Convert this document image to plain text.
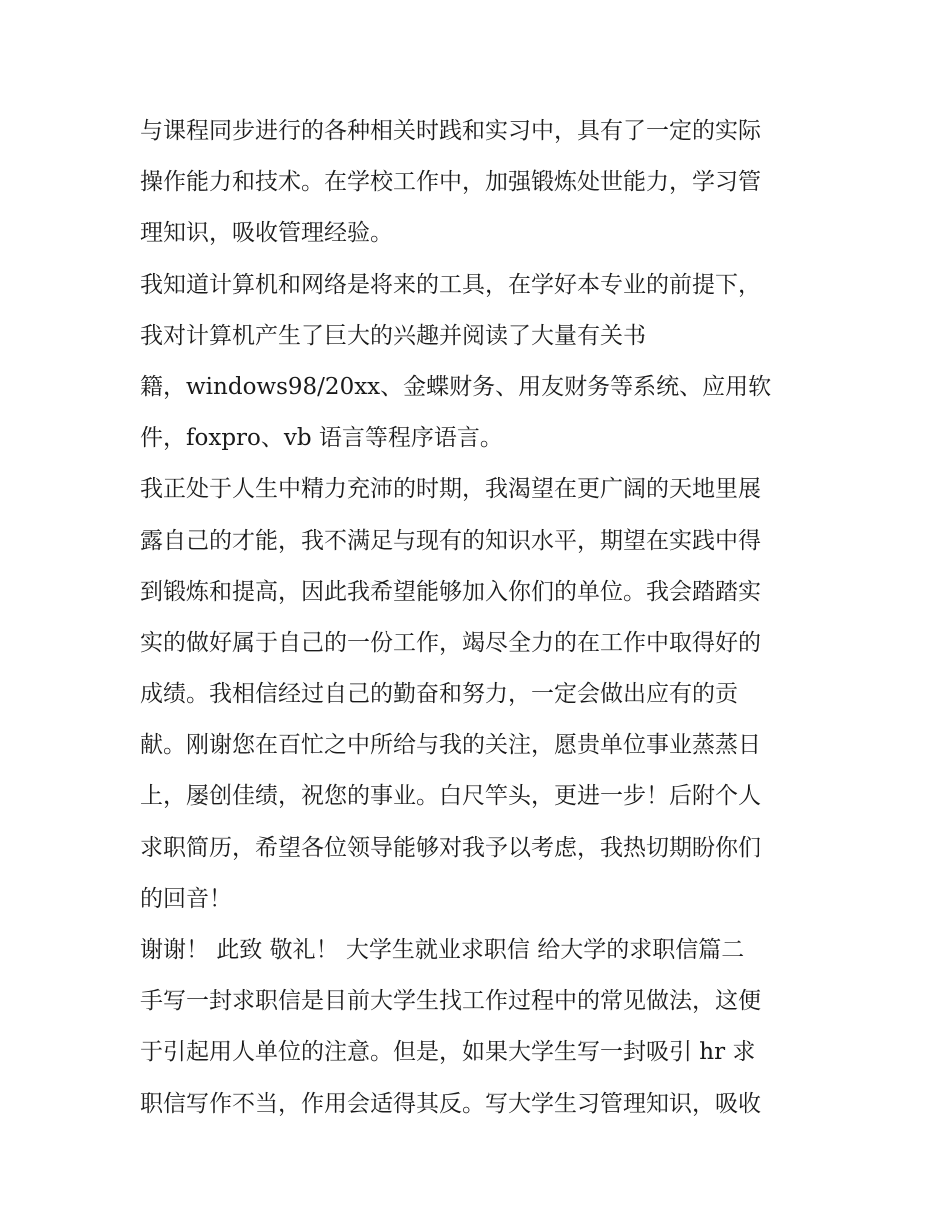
与课程同步进行的各种相关时践和实习中，具有了一定的实际
操作能力和技术。在学校工作中，加强锻炼处世能力，学习管
理知识，吸收管理经验。
我知道计算机和网络是将来的工具，在学好本专业的前提下，
我对计算机产生了巨大的兴趣并阅读了大量有关书
籍，windows98/20xx、金蝶财务、用友财务等系统、应用软
件，foxpro、vb 语言等程序语言。
我正处于人生中精力充沛的时期，我渴望在更广阔的天地里展
露自己的才能，我不满足与现有的知识水平，期望在实践中得
到锻炼和提高，因此我希望能够加入你们的单位。我会踏踏实
实的做好属于自己的一份工作，竭尽全力的在工作中取得好的
成绩。我相信经过自己的勤奋和努力，一定会做出应有的贡
献。刚谢您在百忙之中所给与我的关注，愿贵单位事业蒸蒸日
上，屡创佳绩，祝您的事业。白尺竿头，更进一步！后附个人
求职简历，希望各位领导能够对我予以考虑，我热切期盼你们
的回音！
谢谢！ 此致 敬礼！ 大学生就业求职信 给大学的求职信篇二
手写一封求职信是目前大学生找工作过程中的常见做法，这便
于引起用人单位的注意。但是，如果大学生写一封吸引 hr 求
职信写作不当，作用会适得其反。写大学生习管理知识，吸收
